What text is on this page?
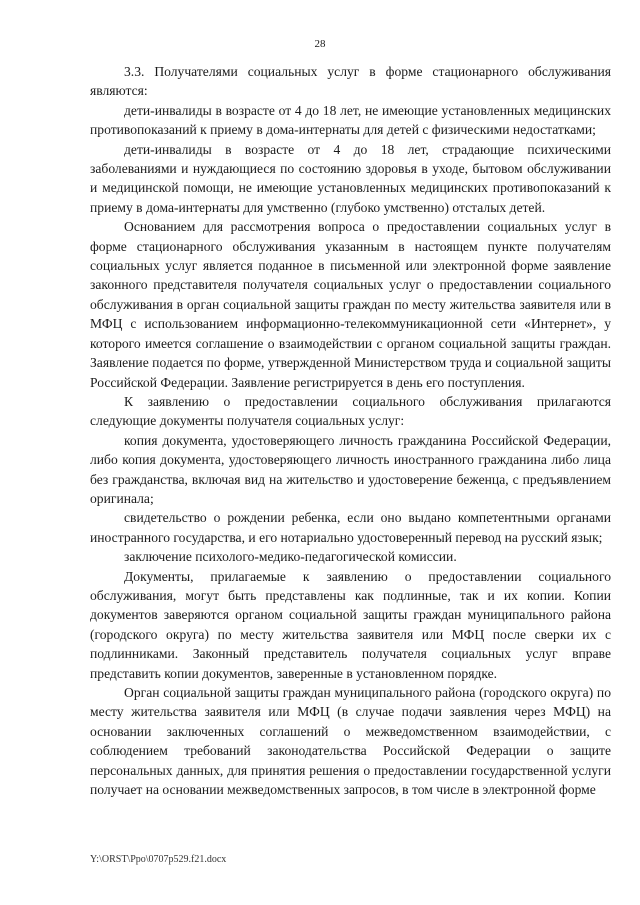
28

3.3. Получателями социальных услуг в форме стационарного обслуживания являются:

дети-инвалиды в возрасте от 4 до 18 лет, не имеющие установленных медицинских противопоказаний к приему в дома-интернаты для детей с физическими недостатками;

дети-инвалиды в возрасте от 4 до 18 лет, страдающие психическими заболеваниями и нуждающиеся по состоянию здоровья в уходе, бытовом обслуживании и медицинской помощи, не имеющие установленных медицинских противопоказаний к приему в дома-интернаты для умственно (глубоко умственно) отсталых детей.

Основанием для рассмотрения вопроса о предоставлении социальных услуг в форме стационарного обслуживания указанным в настоящем пункте получателям социальных услуг является поданное в письменной или электронной форме заявление законного представителя получателя социальных услуг о предоставлении социального обслуживания в орган социальной защиты граждан по месту жительства заявителя или в МФЦ с использованием информационно-телекоммуникационной сети «Интернет», у которого имеется соглашение о взаимодействии с органом социальной защиты граждан. Заявление подается по форме, утвержденной Министерством труда и социальной защиты Российской Федерации. Заявление регистрируется в день его поступления.

К заявлению о предоставлении социального обслуживания прилагаются следующие документы получателя социальных услуг:

копия документа, удостоверяющего личность гражданина Российской Федерации, либо копия документа, удостоверяющего личность иностранного гражданина либо лица без гражданства, включая вид на жительство и удостоверение беженца, с предъявлением оригинала;

свидетельство о рождении ребенка, если оно выдано компетентными органами иностранного государства, и его нотариально удостоверенный перевод на русский язык;

заключение психолого-медико-педагогической комиссии.

Документы, прилагаемые к заявлению о предоставлении социального обслуживания, могут быть представлены как подлинные, так и их копии. Копии документов заверяются органом социальной защиты граждан муниципального района (городского округа) по месту жительства заявителя или МФЦ после сверки их с подлинниками. Законный представитель получателя социальных услуг вправе представить копии документов, заверенные в установленном порядке.

Орган социальной защиты граждан муниципального района (городского округа) по месту жительства заявителя или МФЦ (в случае подачи заявления через МФЦ) на основании заключенных соглашений о межведомственном взаимодействии, с соблюдением требований законодательства Российской Федерации о защите персональных данных, для принятия решения о предоставлении государственной услуги получает на основании межведомственных запросов, в том числе в электронной форме

Y:\ORST\Ppo\0707p529.f21.docx
